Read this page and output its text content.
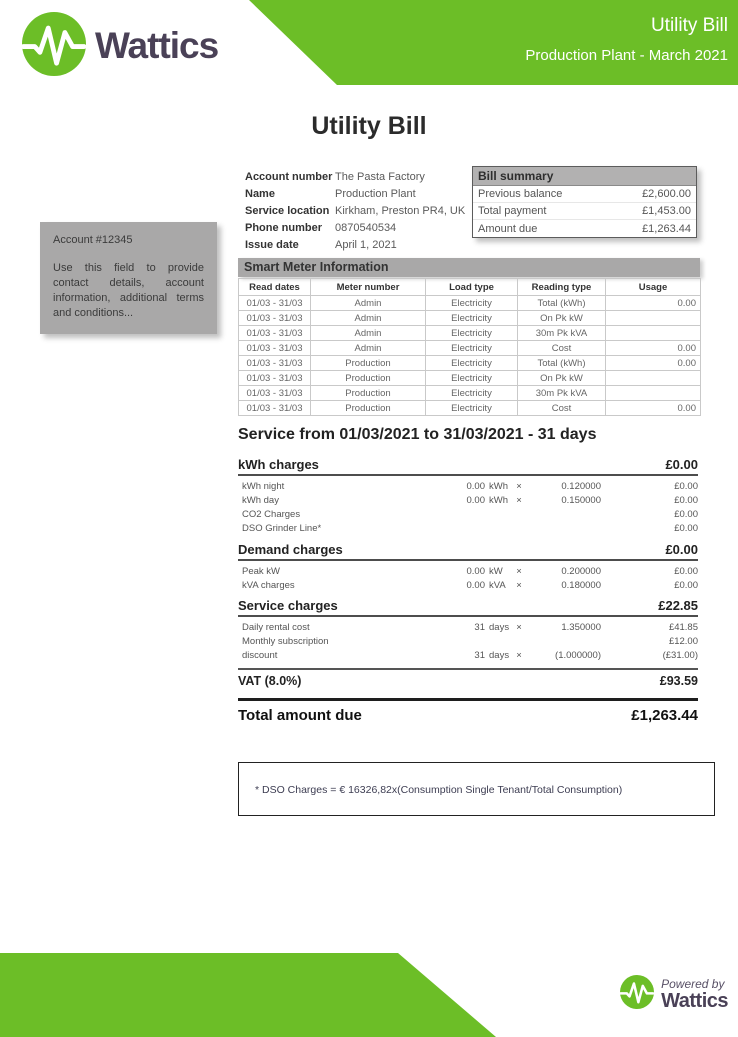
Wattics	Utility Bill
Production Plant - March 2021
Utility Bill
Account number The Pasta Factory
Name	Production Plant
Service location Kirkham, Preston PR4, UK
Phone number	0870540534
Issue date	April 1, 2021
Bill summary
Previous balance	£2,600.00
Total payment	£1,453.00
Amount due	£1,263.44
Account #12345
Use this field to provide contact details, account information, additional terms and conditions...
Smart Meter Information
Read dates	Meter number	Load type	Reading type	Usage
01/03 - 31/03	Admin	Electricity	Total (kWh)	0.00
01/03 - 31/03	Admin	Electricity	On Pk kW	
01/03 - 31/03	Admin	Electricity	30m Pk kVA	
01/03 - 31/03	Admin	Electricity	Cost	0.00
01/03 - 31/03	Production	Electricity	Total (kWh)	0.00
01/03 - 31/03	Production	Electricity	On Pk kW	
01/03 - 31/03	Production	Electricity	30m Pk kVA	
01/03 - 31/03	Production	Electricity	Cost	0.00
Service from 01/03/2021 to 31/03/2021 - 31 days
kWh charges	£0.00
kWh night	0.00 kWh ×	0.120000	£0.00
kWh day	0.00 kWh ×	0.150000	£0.00
CO2 Charges	£0.00
DSO Grinder Line*	£0.00
Demand charges	£0.00
Peak kW	0.00 kW	×	0.200000	£0.00
kVA charges	0.00 kVA	×	0.180000	£0.00
Service charges	£22.85
Daily rental cost	31 days ×	1.350000	£41.85
Monthly subscription	£12.00
discount	31 days ×	(1.000000)	(£31.00)
VAT (8.0%)	£93.59
Total amount due	£1,263.44
* DSO Charges = € 16326,82x(Consumption Single Tenant/Total Consumption)
Powered by
Wattics
